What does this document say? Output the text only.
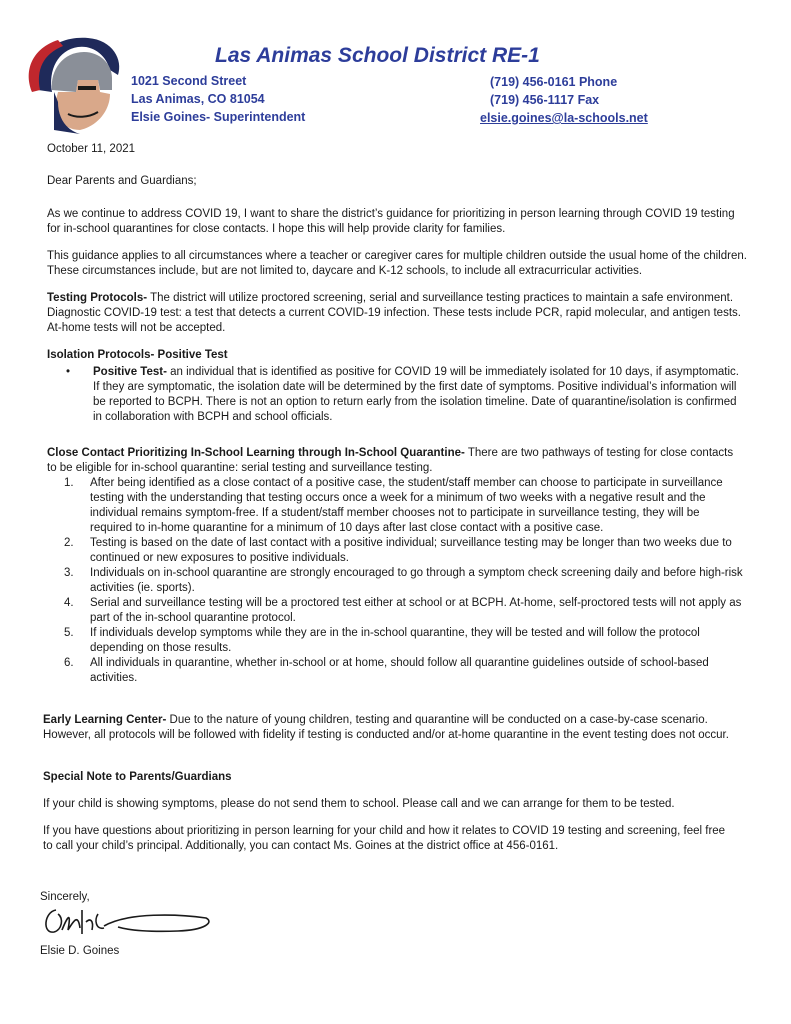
Las Animas School District RE-1
1021 Second Street
Las Animas, CO 81054
Elsie Goines- Superintendent
(719) 456-0161 Phone
(719) 456-1117 Fax
elsie.goines@la-schools.net
October 11, 2021
Dear Parents and Guardians;
As we continue to address COVID 19, I want to share the district’s guidance for prioritizing in person learning through COVID 19 testing for in-school quarantines for close contacts. I hope this will help provide clarity for families.
This guidance applies to all circumstances where a teacher or caregiver cares for multiple children outside the usual home of the children. These circumstances include, but are not limited to, daycare and K-12 schools, to include all extracurricular activities.
Testing Protocols- The district will utilize proctored screening, serial and surveillance testing practices to maintain a safe environment. Diagnostic COVID-19 test: a test that detects a current COVID-19 infection. These tests include PCR, rapid molecular, and antigen tests. At-home tests will not be accepted.
Isolation Protocols- Positive Test
• Positive Test- an individual that is identified as positive for COVID 19 will be immediately isolated for 10 days, if asymptomatic. If they are symptomatic, the isolation date will be determined by the first date of symptoms. Positive individual’s information will be reported to BCPH. There is not an option to return early from the isolation timeline. Date of quarantine/isolation is confirmed in collaboration with BCPH and school officials.
Close Contact Prioritizing In-School Learning through In-School Quarantine- There are two pathways of testing for close contacts to be eligible for in-school quarantine: serial testing and surveillance testing.
1.	After being identified as a close contact of a positive case, the student/staff member can choose to participate in surveillance testing with the understanding that testing occurs once a week for a minimum of two weeks with a negative result and the individual remains symptom-free. If a student/staff member chooses not to participate in surveillance testing, they will be required to in-home quarantine for a minimum of 10 days after last close contact with a positive case.
2.	Testing is based on the date of last contact with a positive individual; surveillance testing may be longer than two weeks due to continued or new exposures to positive individuals.
3.	Individuals on in-school quarantine are strongly encouraged to go through a symptom check screening daily and before high-risk activities (ie. sports).
4.	Serial and surveillance testing will be a proctored test either at school or at BCPH. At-home, self-proctored tests will not apply as part of the in-school quarantine protocol.
5.	If individuals develop symptoms while they are in the in-school quarantine, they will be tested and will follow the protocol depending on those results.
6.	All individuals in quarantine, whether in-school or at home, should follow all quarantine guidelines outside of school-based activities.
Early Learning Center- Due to the nature of young children, testing and quarantine will be conducted on a case-by-case scenario. However, all protocols will be followed with fidelity if testing is conducted and/or at-home quarantine in the event testing does not occur.
Special Note to Parents/Guardians
If your child is showing symptoms, please do not send them to school. Please call and we can arrange for them to be tested.
If you have questions about prioritizing in person learning for your child and how it relates to COVID 19 testing and screening, feel free to call your child’s principal. Additionally, you can contact Ms. Goines at the district office at 456-0161.
Sincerely,
Elsie D. Goines
